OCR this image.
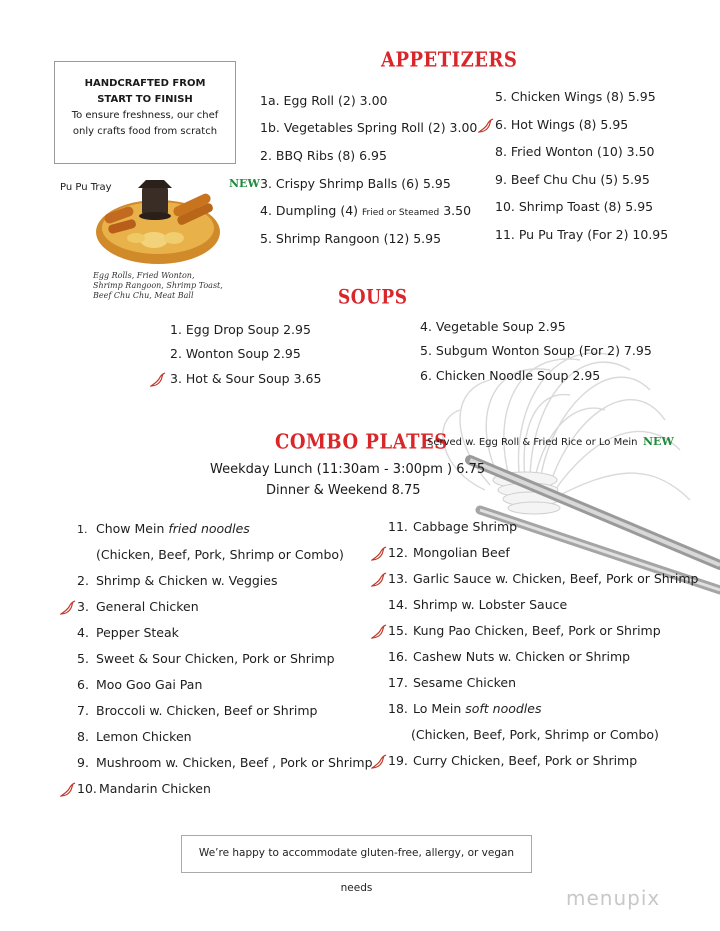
HANDCRAFTED FROM
START TO FINISH
To ensure freshness, our chef
only crafts food from scratch
Pu Pu Tray
Egg Rolls, Fried Wonton,
Shrimp Rangoon, Shrimp Toast,
Beef Chu Chu, Meat Ball
APPETIZERS
NEW
1a. Egg Roll (2) 3.00
1b. Vegetables Spring Roll (2) 3.00
2. BBQ Ribs (8) 6.95
3. Crispy Shrimp Balls (6) 5.95
4. Dumpling (4) Fried or Steamed 3.50
5. Shrimp Rangoon (12) 5.95
5. Chicken Wings (8) 5.95
6. Hot Wings (8) 5.95
8. Fried Wonton (10) 3.50
9. Beef Chu Chu (5) 5.95
10. Shrimp Toast (8) 5.95
11. Pu Pu Tray (For 2) 10.95
SOUPS
1. Egg Drop Soup 2.95
2. Wonton Soup 2.95
3. Hot & Sour Soup 3.65
4. Vegetable Soup 2.95
5. Subgum Wonton Soup (For 2) 7.95
6. Chicken Noodle Soup 2.95
COMBO PLATES
Served w. Egg Roll & Fried Rice or Lo Mein NEW
Weekday Lunch (11:30am - 3:00pm ) 6.75
Dinner & Weekend 8.75
1. Chow Mein fried noodles
(Chicken, Beef, Pork, Shrimp or Combo)
2. Shrimp & Chicken w. Veggies
3. General Chicken
4. Pepper Steak
5. Sweet & Sour Chicken, Pork or Shrimp
6. Moo Goo Gai Pan
7. Broccoli w. Chicken, Beef or Shrimp
8. Lemon Chicken
9. Mushroom w. Chicken, Beef , Pork or Shrimp
10. Mandarin Chicken
11. Cabbage Shrimp
12. Mongolian Beef
13. Garlic Sauce w. Chicken, Beef, Pork or Shrimp
14. Shrimp w. Lobster Sauce
15. Kung Pao Chicken, Beef, Pork or Shrimp
16. Cashew Nuts w. Chicken or Shrimp
17. Sesame Chicken
18. Lo Mein soft noodles
(Chicken, Beef, Pork, Shrimp or Combo)
19. Curry Chicken, Beef, Pork or Shrimp
We’re happy to accommodate gluten-free, allergy, or vegan needs	menupix
